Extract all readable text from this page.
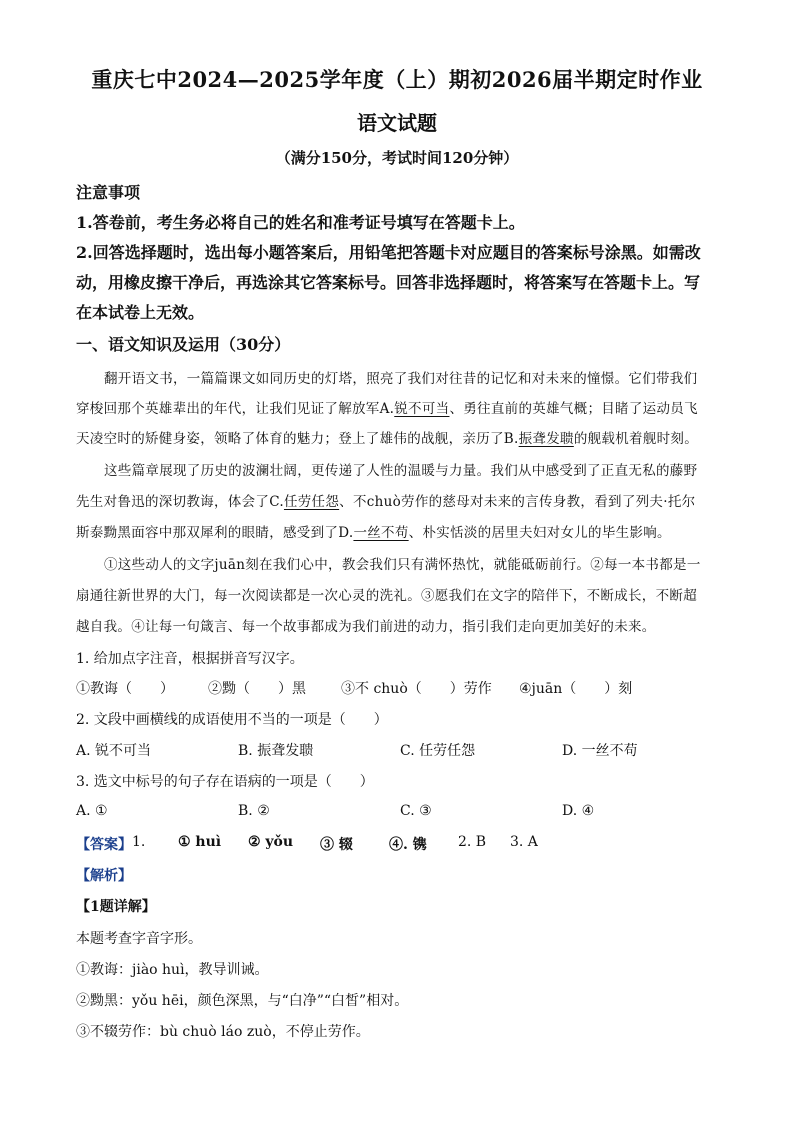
重庆七中2024—2025学年度（上）期初2026届半期定时作业
语文试题
（满分150分，考试时间120分钟）
注意事项
1.答卷前，考生务必将自己的姓名和准考证号填写在答题卡上。
2.回答选择题时，选出每小题答案后，用铅笔把答题卡对应题目的答案标号涂黑。如需改
动，用橡皮擦干净后，再选涂其它答案标号。回答非选择题时，将答案写在答题卡上。写
在本试卷上无效。
一、语文知识及运用（30分）
翻开语文书，一篇篇课文如同历史的灯塔，照亮了我们对往昔的记忆和对未来的憧憬。它们带我们
穿梭回那个英雄辈出的年代，让我们见证了解放军A.锐不可当、勇往直前的英雄气概；目睹了运动员飞
天凌空时的矫健身姿，领略了体育的魅力；登上了雄伟的战舰，亲历了B.振聋发聩的舰载机着舰时刻。
这些篇章展现了历史的波澜壮阔，更传递了人性的温暖与力量。我们从中感受到了正直无私的藤野
先生对鲁迅的深切教诲，体会了C.任劳任怨、不chuò劳作的慈母对未来的言传身教，看到了列夫·托尔
斯泰黝黑面容中那双犀利的眼睛，感受到了D.一丝不苟、朴实恬淡的居里夫妇对女儿的毕生影响。
①这些动人的文字juān刻在我们心中，教会我们只有满怀热忱，就能砥砺前行。②每一本书都是一
扇通往新世界的大门，每一次阅读都是一次心灵的洗礼。③愿我们在文字的陪伴下，不断成长，不断超
越自我。④让每一句箴言、每一个故事都成为我们前进的动力，指引我们走向更加美好的未来。
1. 给加点字注音，根据拼音写汉字。
①教诲（　　） ②黝（　　）黑	③不 chuò（　　）劳作 ④juān（　　）刻
2. 文段中画横线的成语使用不当的一项是（　　）
A. 锐不可当	B. 振聋发聩	C. 任劳任怨	D. 一丝不苟
3. 选文中标号的句子存在语病的一项是（　　）
A. ①	B. ②	C. ③	D. ④
【答案】 1. ① huì ② yǒu ③ 辍	④. 镌 2. B 3. A
【解析】
【1题详解】
本题考查字音字形。
①教诲：jiào huì，教导训诫。
②黝黑：yǒu hēi，颜色深黑，与“白净”“白皙”相对。
③不辍劳作：bù chuò láo zuò，不停止劳作。
